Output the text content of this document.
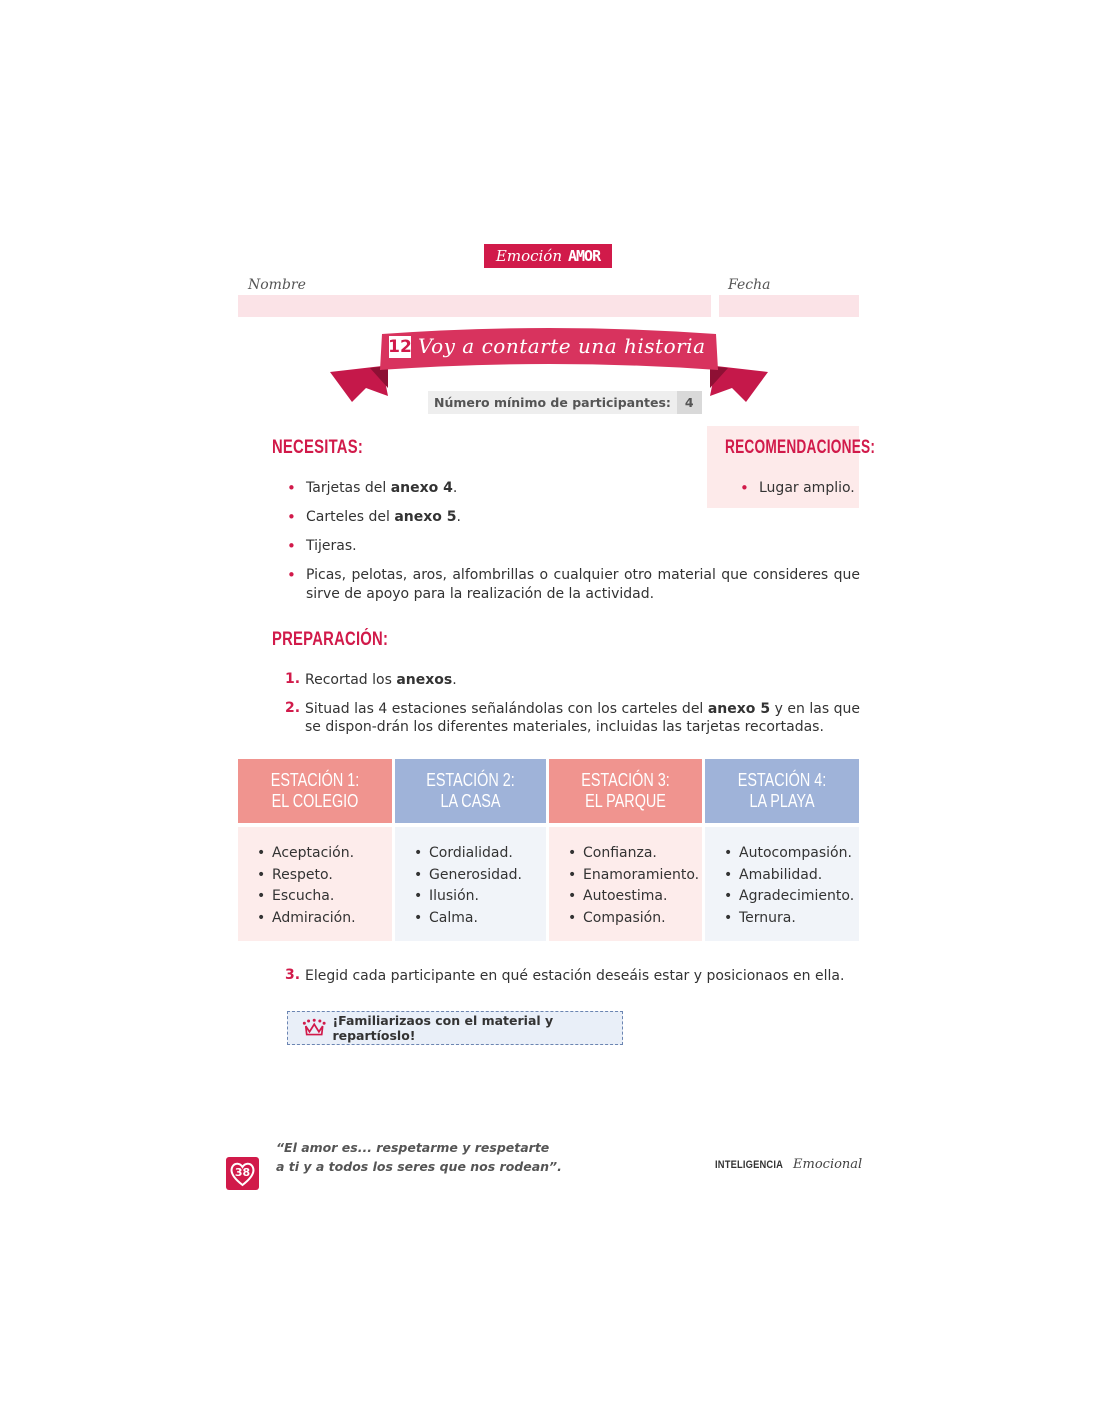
Emoción AMOR
Nombre	Fecha
12 Voy a contarte una historia
Número mínimo de participantes:	4
NECESITAS:
• Tarjetas del anexo 4.
• Carteles del anexo 5.
• Tijeras.
• Picas, pelotas, aros, alfombrillas o cualquier otro material que consideres que sirve de apoyo para la realización de la actividad.
RECOMENDACIONES:
• Lugar amplio.
PREPARACIÓN:
1. Recortad los anexos.
2. Situad las 4 estaciones señalándolas con los carteles del anexo 5 y en las que se dispon-drán los diferentes materiales, incluidas las tarjetas recortadas.
ESTACIÓN 1:
EL COLEGIO
• Aceptación.
• Respeto.
• Escucha.
• Admiración.
ESTACIÓN 2:
LA CASA
• Cordialidad.
• Generosidad.
• Ilusión.
• Calma.
ESTACIÓN 3:
EL PARQUE
• Confianza.
• Enamoramiento.
• Autoestima.
• Compasión.
ESTACIÓN 4:
LA PLAYA
• Autocompasión.
• Amabilidad.
• Agradecimiento.
• Ternura.
3. Elegid cada participante en qué estación deseáis estar y posicionaos en ella.
¡Familiarizaos con el material y repartíoslo!
38
“El amor es... respetarme y respetarte
a ti y a todos los seres que nos rodean”.	INTELIGENCIA Emocional
